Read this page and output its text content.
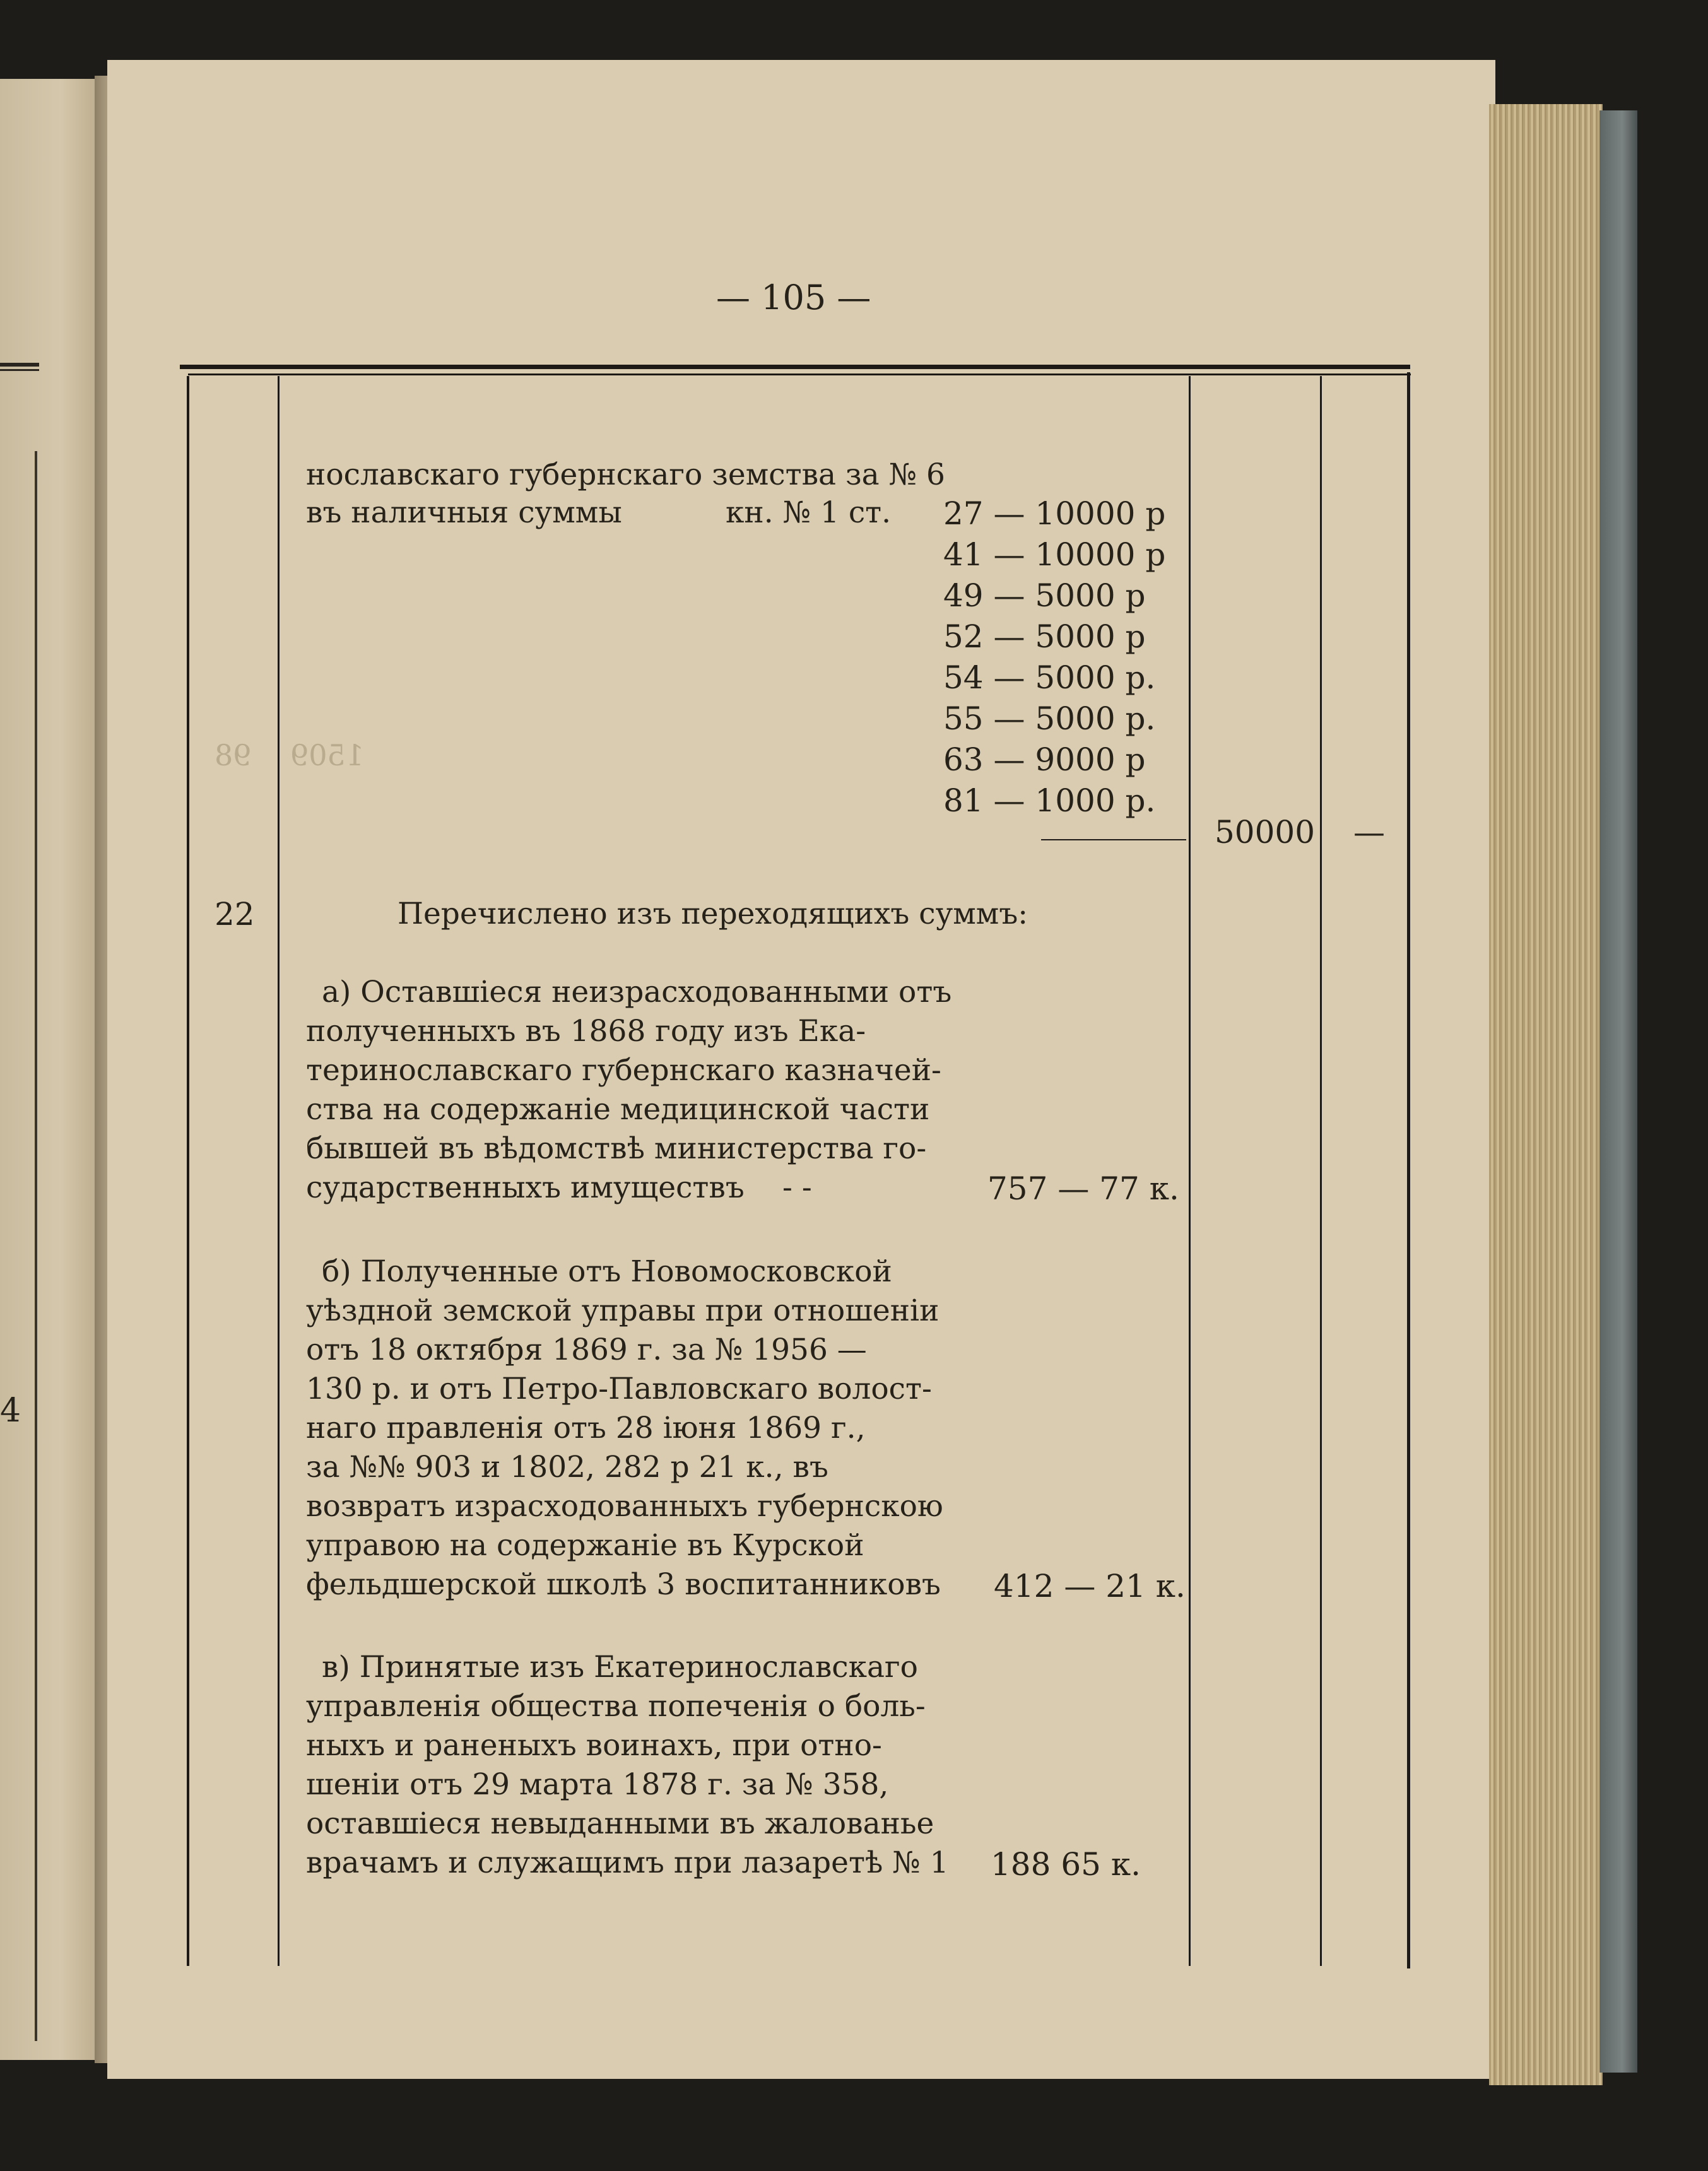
4
98 1509
— 105 —
нославскаго губернскаго земства за № 6
въ наличныя суммы	кн. № 1 ст. 27 — 10000 р
41 — 10000 р
49 — 5000 р
52 — 5000 р
54 — 5000 р.
55 — 5000 р.
63 — 9000 р
81 — 1000 р.
50000 —
22	Перечислено изъ переходящихъ суммъ:
а) Оставшіеся неизрасходованными отъ
полученныхъ въ 1868 году изъ Ека-
теринославскаго губернскаго казначей-
ства на содержаніе медицинской части
бывшей въ вѣдомствѣ министерства го-
сударственныхъ имуществъ - -	757 — 77 к.
б) Полученные отъ Новомосковской
уѣздной земской управы при отношеніи
отъ 18 октября 1869 г. за № 1956 —
130 р. и отъ Петро-Павловскаго волост-
наго правленія отъ 28 іюня 1869 г.,
за №№ 903 и 1802, 282 р 21 к., въ
возвратъ израсходованныхъ губернскою
управою на содержаніе въ Курской
фельдшерской школѣ 3 воспитанниковъ 412 — 21 к.
в) Принятые изъ Екатеринославскаго
управленія общества попеченія о боль-
ныхъ и раненыхъ воинахъ, при отно-
шеніи отъ 29 марта 1878 г. за № 358,
оставшіеся невыданными въ жалованье
врачамъ и служащимъ при лазаретѣ № 1 188 65 к.
